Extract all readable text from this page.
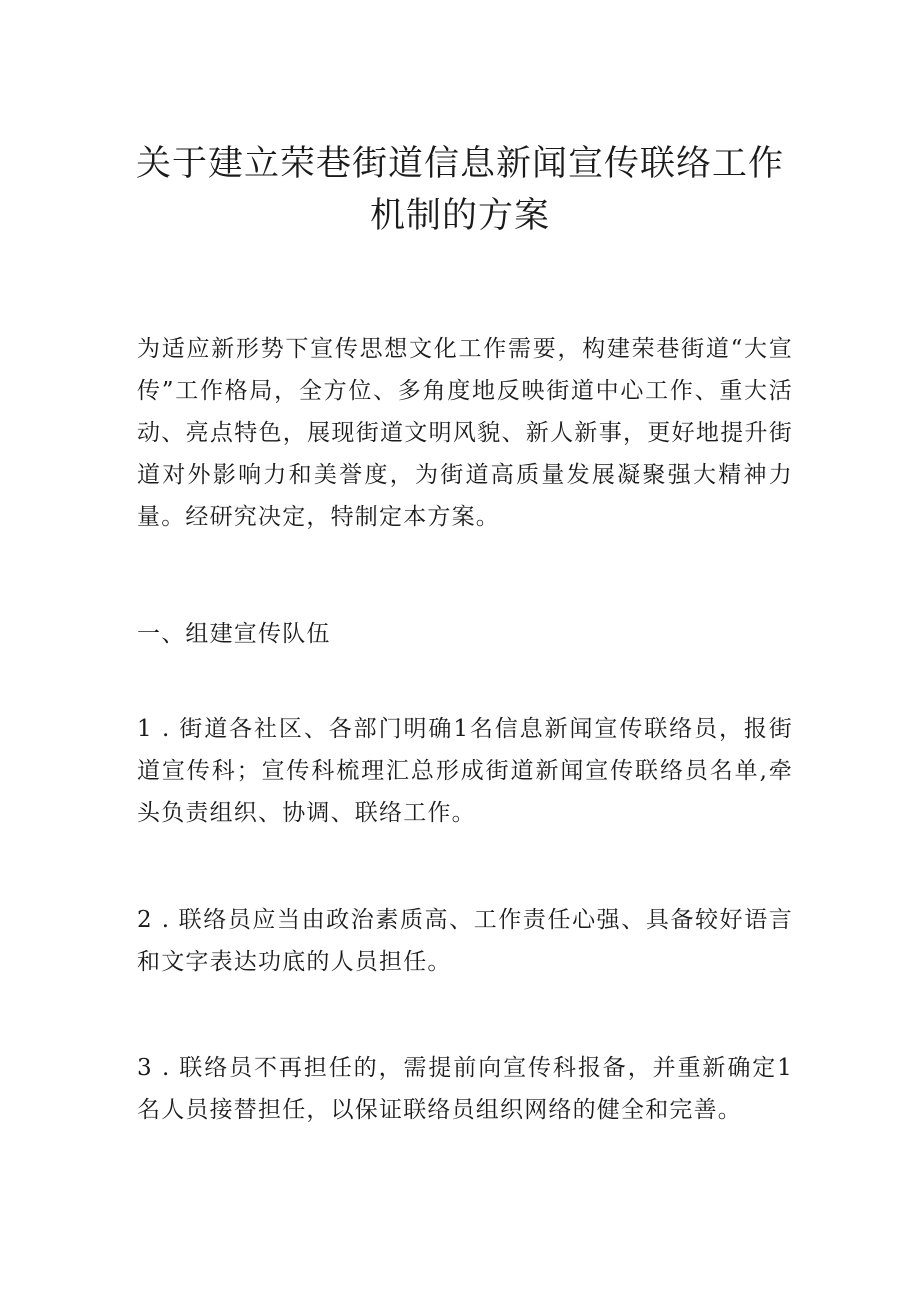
关于建立荣巷街道信息新闻宣传联络工作
机制的方案

为适应新形势下宣传思想文化工作需要，构建荣巷街道“大宣传”工作格局，全方位、多角度地反映街道中心工作、重大活动、亮点特色，展现街道文明风貌、新人新事，更好地提升街道对外影响力和美誉度，为街道高质量发展凝聚强大精神力量。经研究决定，特制定本方案。

一、组建宣传队伍

1 . 街道各社区、各部门明确1名信息新闻宣传联络员，报街道宣传科；宣传科梳理汇总形成街道新闻宣传联络员名单,牵头负责组织、协调、联络工作。

2 . 联络员应当由政治素质高、工作责任心强、具备较好语言和文字表达功底的人员担任。

3 . 联络员不再担任的，需提前向宣传科报备，并重新确定1名人员接替担任，以保证联络员组织网络的健全和完善。
